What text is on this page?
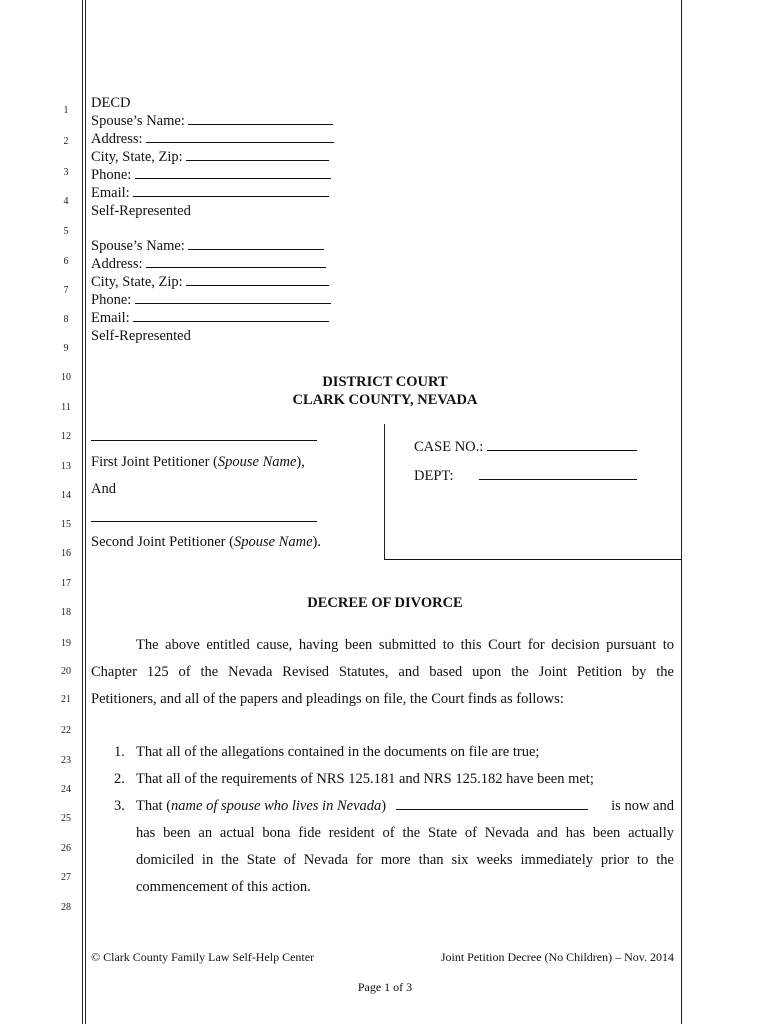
1
2
3
4
5
6
7
8
9
10
11
12
13
14
15
16
17
18
19
20
21
22
23
24
25
26
27
28
DECD
Spouse’s Name:
Address:
City, State, Zip:
Phone:
Email:
Self-Represented
Spouse’s Name:
Address:
City, State, Zip:
Phone:
Email:
Self-Represented
DISTRICT COURT
CLARK COUNTY, NEVADA
First Joint Petitioner (Spouse Name),
And
Second Joint Petitioner (Spouse Name).
CASE NO.:
DEPT:
DECREE OF DIVORCE
The above entitled cause, having been submitted to this Court for decision pursuant to
Chapter 125 of the Nevada Revised Statutes, and based upon the Joint Petition by the
Petitioners, and all of the papers and pleadings on file, the Court finds as follows:
1. That all of the allegations contained in the documents on file are true;
2. That all of the requirements of NRS 125.181 and NRS 125.182 have been met;
3. That (name of spouse who lives in Nevada)	is now and
has been an actual bona fide resident of the State of Nevada and has been actually
domiciled in the State of Nevada for more than six weeks immediately prior to the
commencement of this action.
© Clark County Family Law Self-Help Center	Joint Petition Decree (No Children) – Nov. 2014
Page 1 of 3
